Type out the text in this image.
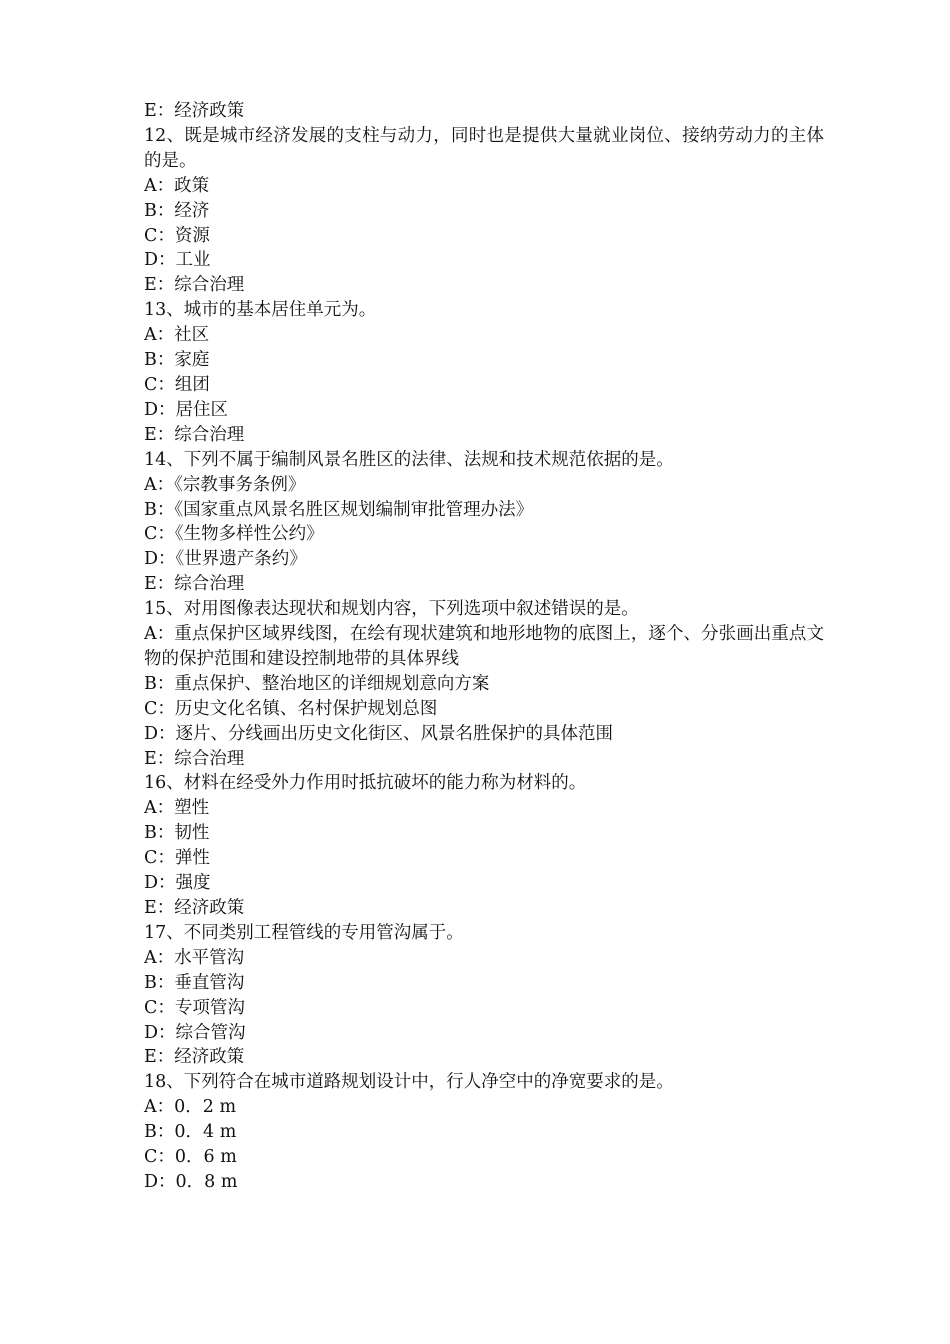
E：经济政策

12、既是城市经济发展的支柱与动力，同时也是提供大量就业岗位、接纳劳动力的主体的是。

A：政策

B：经济

C：资源

D：工业

E：综合治理

13、城市的基本居住单元为。

A：社区

B：家庭

C：组团

D：居住区

E：综合治理

14、下列不属于编制风景名胜区的法律、法规和技术规范依据的是。

A：《宗教事务条例》

B：《国家重点风景名胜区规划编制审批管理办法》

C：《生物多样性公约》

D：《世界遗产条约》

E：综合治理

15、对用图像表达现状和规划内容，下列选项中叙述错误的是。

A：重点保护区域界线图，在绘有现状建筑和地形地物的底图上，逐个、分张画出重点文物的保护范围和建设控制地带的具体界线

B：重点保护、整治地区的详细规划意向方案

C：历史文化名镇、名村保护规划总图

D：逐片、分线画出历史文化街区、风景名胜保护的具体范围

E：综合治理

16、材料在经受外力作用时抵抗破坏的能力称为材料的。

A：塑性

B：韧性

C：弹性

D：强度

E：经济政策

17、不同类别工程管线的专用管沟属于。

A：水平管沟

B：垂直管沟

C：专项管沟

D：综合管沟

E：经济政策

18、下列符合在城市道路规划设计中，行人净空中的净宽要求的是。

A：0．2 m

B：0．4 m

C：0．6 m

D：0．8 m
